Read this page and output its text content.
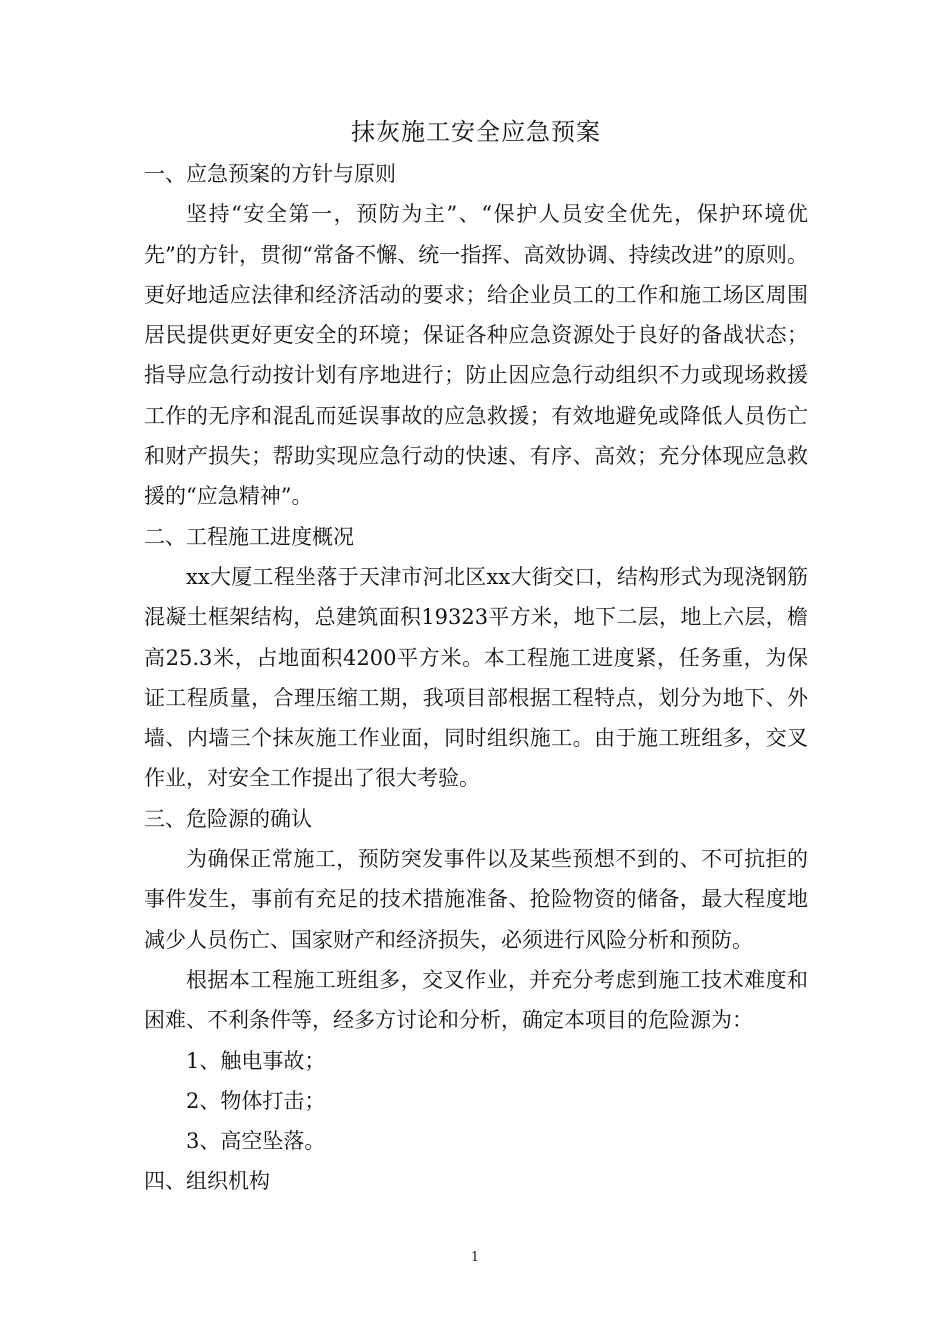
抹灰施工安全应急预案

一、应急预案的方针与原则

坚持“安全第一，预防为主”、“保护人员安全优先，保护环境优先”的方针，贯彻“常备不懈、统一指挥、高效协调、持续改进”的原则。更好地适应法律和经济活动的要求；给企业员工的工作和施工场区周围居民提供更好更安全的环境；保证各种应急资源处于良好的备战状态；指导应急行动按计划有序地进行；防止因应急行动组织不力或现场救援工作的无序和混乱而延误事故的应急救援；有效地避免或降低人员伤亡和财产损失；帮助实现应急行动的快速、有序、高效；充分体现应急救援的“应急精神”。

二、工程施工进度概况

xx大厦工程坐落于天津市河北区xx大街交口，结构形式为现浇钢筋混凝土框架结构，总建筑面积19323平方米，地下二层，地上六层，檐高25.3米，占地面积4200平方米。本工程施工进度紧，任务重，为保证工程质量，合理压缩工期，我项目部根据工程特点，划分为地下、外墙、内墙三个抹灰施工作业面，同时组织施工。由于施工班组多，交叉作业，对安全工作提出了很大考验。

三、危险源的确认

为确保正常施工，预防突发事件以及某些预想不到的、不可抗拒的事件发生，事前有充足的技术措施准备、抢险物资的储备，最大程度地减少人员伤亡、国家财产和经济损失，必须进行风险分析和预防。

根据本工程施工班组多，交叉作业，并充分考虑到施工技术难度和困难、不利条件等，经多方讨论和分析，确定本项目的危险源为：

1、触电事故；

2、物体打击；

3、高空坠落。

四、组织机构

1
